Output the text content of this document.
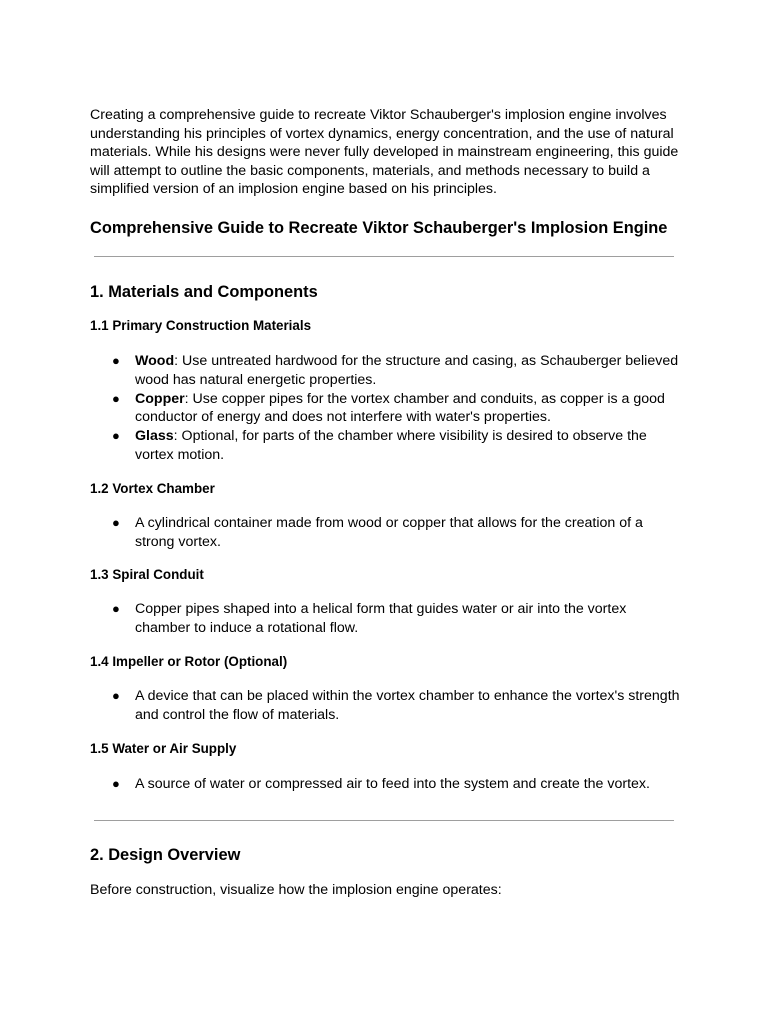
Creating a comprehensive guide to recreate Viktor Schauberger's implosion engine involves understanding his principles of vortex dynamics, energy concentration, and the use of natural materials. While his designs were never fully developed in mainstream engineering, this guide will attempt to outline the basic components, materials, and methods necessary to build a simplified version of an implosion engine based on his principles.

Comprehensive Guide to Recreate Viktor Schauberger's Implosion Engine
1. Materials and Components
1.1 Primary Construction Materials
● Wood: Use untreated hardwood for the structure and casing, as Schauberger believed wood has natural energetic properties.
● Copper: Use copper pipes for the vortex chamber and conduits, as copper is a good conductor of energy and does not interfere with water's properties.
● Glass: Optional, for parts of the chamber where visibility is desired to observe the vortex motion.
1.2 Vortex Chamber
● A cylindrical container made from wood or copper that allows for the creation of a strong vortex.
1.3 Spiral Conduit
● Copper pipes shaped into a helical form that guides water or air into the vortex chamber to induce a rotational flow.
1.4 Impeller or Rotor (Optional)
● A device that can be placed within the vortex chamber to enhance the vortex's strength and control the flow of materials.
1.5 Water or Air Supply
● A source of water or compressed air to feed into the system and create the vortex.
2. Design Overview

Before construction, visualize how the implosion engine operates:
